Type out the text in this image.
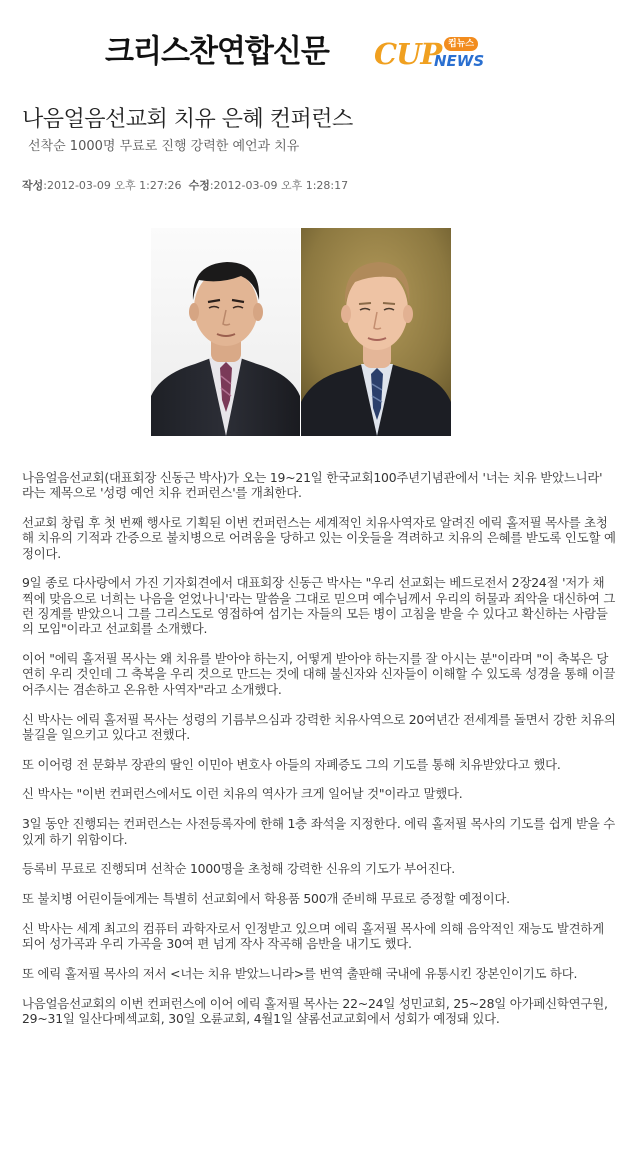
크리스찬연합신문 CUP 컵뉴스
NEWS
나음얼음선교회 치유 은혜 컨퍼런스
선착순 1000명 무료로 진행 강력한 예언과 치유
작성:2012-03-09 오후 1:27:26 수정:2012-03-09 오후 1:28:17

나음얼음선교회(대표회장 신동근 박사)가 오는 19~21일 한국교회100주년기념관에서 '너는 치유 받았느니라' 라는 제목으로 '성령 예언 치유 컨퍼런스'를 개최한다.

선교회 창립 후 첫 번째 행사로 기획된 이번 컨퍼런스는 세계적인 치유사역자로 알려진 에릭 홀저필 목사를 초청해 치유의 기적과 간증으로 불치병으로 어려움을 당하고 있는 이웃들을 격려하고 치유의 은혜를 받도록 인도할 예정이다.

9일 종로 다사랑에서 가진 기자회견에서 대표회장 신동근 박사는 "우리 선교회는 베드로전서 2장24절 '저가 채찍에 맞음으로 너희는 나음을 얻었나니'라는 말씀을 그대로 믿으며 예수님께서 우리의 허물과 죄악을 대신하여 그런 징계를 받았으니 그를 그리스도로 영접하여 섬기는 자들의 모든 병이 고침을 받을 수 있다고 확신하는 사람들의 모임"이라고 선교회를 소개했다.

이어 "에릭 홀저필 목사는 왜 치유를 받아야 하는지, 어떻게 받아야 하는지를 잘 아시는 분"이라며 "이 축복은 당연히 우리 것인데 그 축복을 우리 것으로 만드는 것에 대해 불신자와 신자들이 이해할 수 있도록 성경을 통해 이끌어주시는 겸손하고 온유한 사역자"라고 소개했다.

신 박사는 에릭 홀저필 목사는 성령의 기름부으심과 강력한 치유사역으로 20여년간 전세계를 돌면서 강한 치유의 불길을 일으키고 있다고 전했다.

또 이어령 전 문화부 장관의 딸인 이민아 변호사 아들의 자폐증도 그의 기도를 통해 치유받았다고 했다.

신 박사는 "이번 컨퍼런스에서도 이런 치유의 역사가 크게 일어날 것"이라고 말했다.

3일 동안 진행되는 컨퍼런스는 사전등록자에 한해 1층 좌석을 지정한다. 에릭 홀저필 목사의 기도를 쉽게 받을 수 있게 하기 위함이다.

등록비 무료로 진행되며 선착순 1000명을 초청해 강력한 신유의 기도가 부어진다.

또 불치병 어린이들에게는 특별히 선교회에서 학용품 500개 준비해 무료로 증정할 예정이다.

신 박사는 세계 최고의 컴퓨터 과학자로서 인정받고 있으며 에릭 홀저필 목사에 의해 음악적인 재능도 발견하게 되어 성가곡과 우리 가곡을 30여 편 넘게 작사 작곡해 음반을 내기도 했다.

또 에릭 홀저필 목사의 저서 <너는 치유 받았느니라>를 번역 출판해 국내에 유통시킨 장본인이기도 하다.

나음얼음선교회의 이번 컨퍼런스에 이어 에릭 홀저필 목사는 22~24일 성민교회, 25~28일 아가페신학연구원, 29~31일 일산다메섹교회, 30일 오륜교회, 4월1일 샬롬선교교회에서 성회가 예정돼 있다.
